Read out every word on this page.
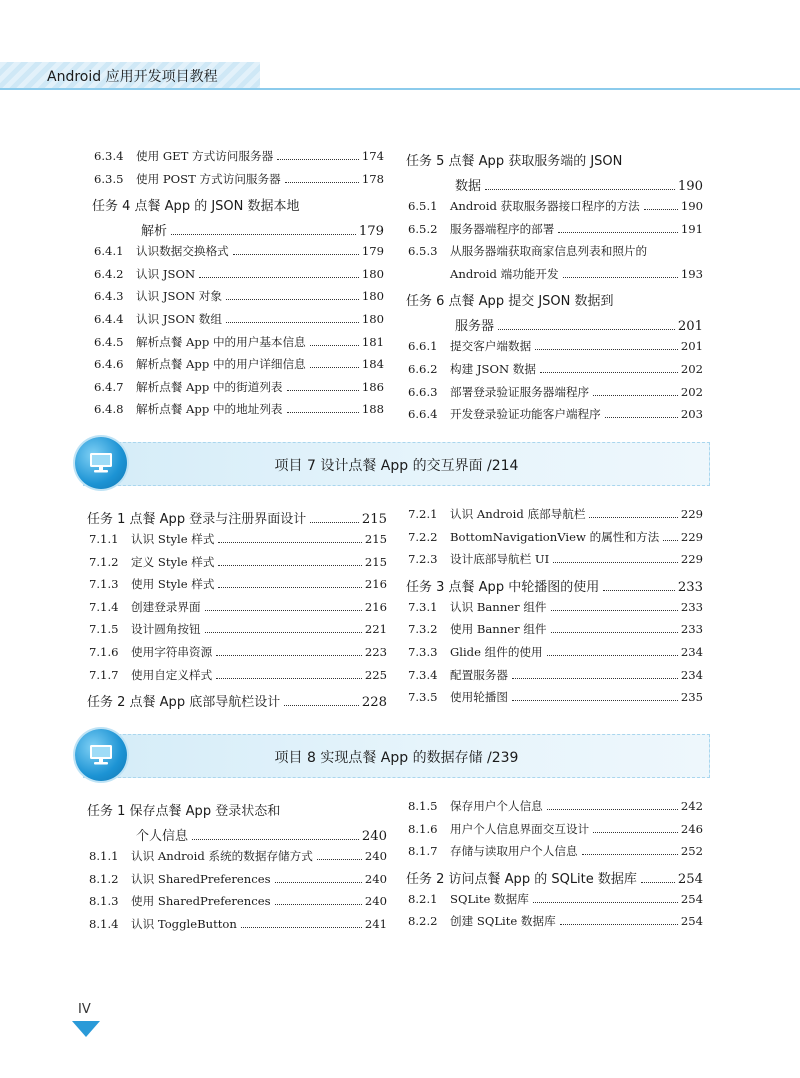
Android 应用开发项目教程
6.3.4	使用 GET 方式访问服务器	174
6.3.5	使用 POST 方式访问服务器	178
任务 4 点餐 App 的 JSON 数据本地
解析	179
6.4.1	认识数据交换格式	179
6.4.2	认识 JSON	180
6.4.3	认识 JSON 对象	180
6.4.4	认识 JSON 数组	180
6.4.5	解析点餐 App 中的用户基本信息	181
6.4.6	解析点餐 App 中的用户详细信息	184
6.4.7	解析点餐 App 中的街道列表	186
6.4.8	解析点餐 App 中的地址列表	188
任务 5 点餐 App 获取服务端的 JSON
数据	190
6.5.1	Android 获取服务器接口程序的方法	190
6.5.2	服务器端程序的部署	191
6.5.3	从服务器端获取商家信息列表和照片的
Android 端功能开发	193
任务 6 点餐 App 提交 JSON 数据到
服务器	201
6.6.1	提交客户端数据	201
6.6.2	构建 JSON 数据	202
6.6.3	部署登录验证服务器端程序	202
6.6.4	开发登录验证功能客户端程序	203
项目 7 设计点餐 App 的交互界面 /214
任务 1 点餐 App 登录与注册界面设计	215
7.1.1	认识 Style 样式	215
7.1.2	定义 Style 样式	215
7.1.3	使用 Style 样式	216
7.1.4	创建登录界面	216
7.1.5	设计圆角按钮	221
7.1.6	使用字符串资源	223
7.1.7	使用自定义样式	225
任务 2 点餐 App 底部导航栏设计	228
7.2.1	认识 Android 底部导航栏	229
7.2.2	BottomNavigationView 的属性和方法 229
7.2.3	设计底部导航栏 UI	229
任务 3 点餐 App 中轮播图的使用	233
7.3.1	认识 Banner 组件	233
7.3.2	使用 Banner 组件	233
7.3.3	Glide 组件的使用	234
7.3.4	配置服务器	234
7.3.5	使用轮播图	235
项目 8 实现点餐 App 的数据存储 /239
任务 1 保存点餐 App 登录状态和
个人信息	240
8.1.1	认识 Android 系统的数据存储方式	240
8.1.2	认识 SharedPreferences	240
8.1.3	使用 SharedPreferences	240
8.1.4	认识 ToggleButton	241
8.1.5	保存用户个人信息	242
8.1.6	用户个人信息界面交互设计	246
8.1.7	存储与读取用户个人信息	252
任务 2 访问点餐 App 的 SQLite 数据库	254
8.2.1	SQLite 数据库	254
8.2.2	创建 SQLite 数据库	254
IV
